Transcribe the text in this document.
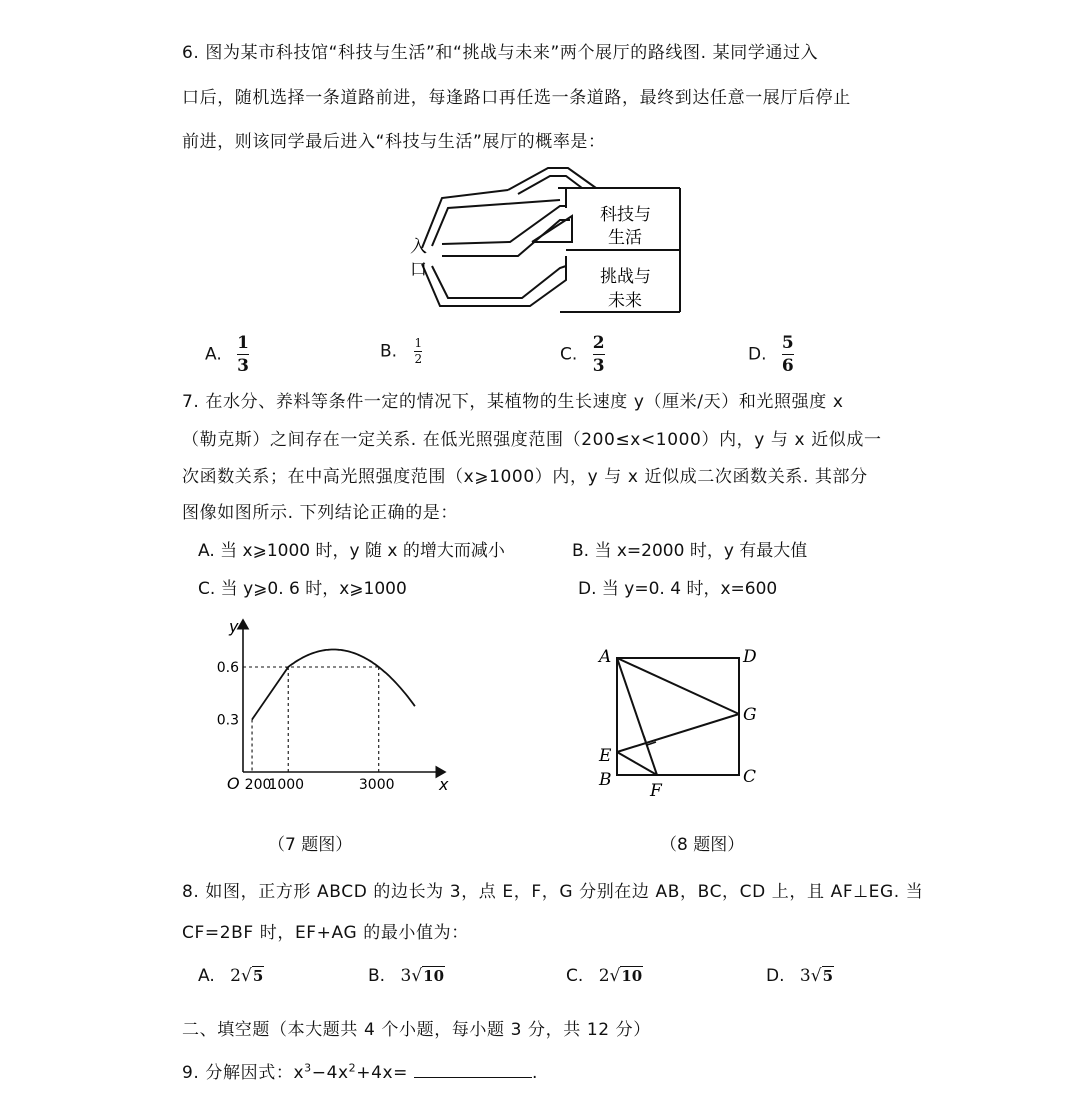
6. 图为某市科技馆“科技与生活”和“挑战与未来”两个展厅的路线图. 某同学通过入
口后，随机选择一条道路前进，每逢路口再任选一条道路，最终到达任意一展厅后停止
前进，则该同学最后进入“科技与生活”展厅的概率是：
科技与
生活
挑战与
未来
入
口
A. $\frac{1}{3}$	B. $\frac{1}{2}$	C. $\frac{2}{3}$	D. $\frac{5}{6}$
7. 在水分、养料等条件一定的情况下，某植物的生长速度 y（厘米/天）和光照强度 x
（勒克斯）之间存在一定关系. 在低光照强度范围（200≤x<1000）内，y 与 x 近似成一
次函数关系；在中高光照强度范围（x⩾1000）内，y 与 x 近似成二次函数关系. 其部分
图像如图所示. 下列结论正确的是：
A. 当 x⩾1000 时，y 随 x 的增大而减小	B. 当 x=2000 时，y 有最大值
C. 当 y⩾0. 6 时，x⩾1000	D. 当 y=0. 4 时，x=600
200
1000	3000
0.3
0.6
O	x
y
（7 题图）
A	D
G
E
B	C
F
（8 题图）
8. 如图，正方形 ABCD 的边长为 3，点 E，F，G 分别在边 AB，BC，CD 上，且 AF⊥EG. 当
CF=2BF 时，EF+AG 的最小值为：
A. 2√5	B. 3√10	C. 2√10	D. 3√5
二、填空题（本大题共 4 个小题，每小题 3 分，共 12 分）
9. 分解因式：$x^3-4x^2+4x=$	.
